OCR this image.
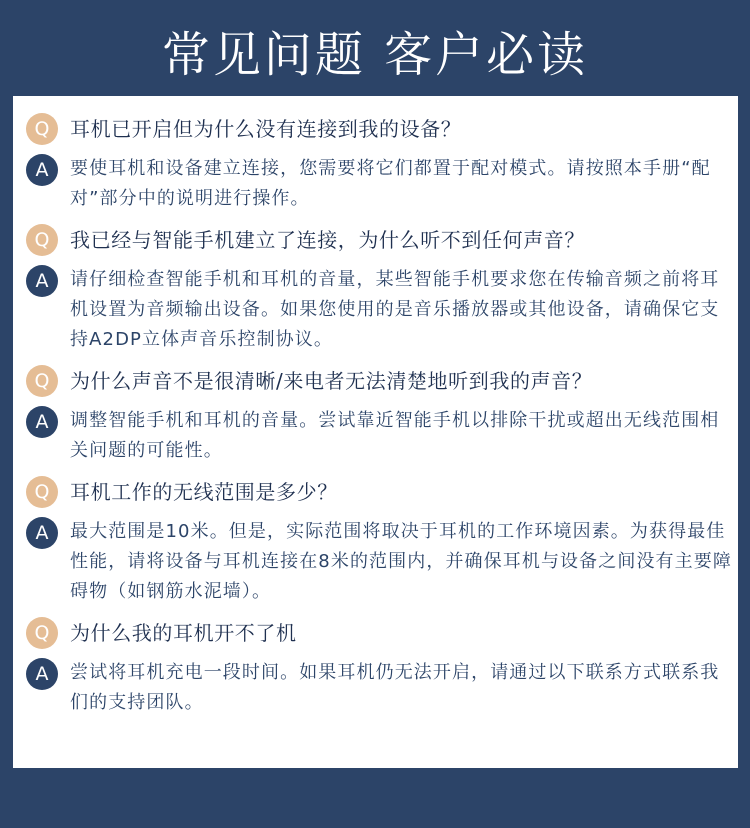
常见问题 客户必读
Q	耳机已开启但为什么没有连接到我的设备？
A	要使耳机和设备建立连接，您需要将它们都置于配对模式。请按照本手册“配对”部分中的说明进行操作。
Q	我已经与智能手机建立了连接，为什么听不到任何声音？
A	请仔细检查智能手机和耳机的音量，某些智能手机要求您在传输音频之前将耳机设置为音频输出设备。如果您使用的是音乐播放器或其他设备，请确保它支持A2DP立体声音乐控制协议。
Q	为什么声音不是很清晰/来电者无法清楚地听到我的声音？
A	调整智能手机和耳机的音量。尝试靠近智能手机以排除干扰或超出无线范围相关问题的可能性。
Q	耳机工作的无线范围是多少？
A	最大范围是10米。但是，实际范围将取决于耳机的工作环境因素。为获得最佳性能，请将设备与耳机连接在8米的范围内，并确保耳机与设备之间没有主要障碍物（如钢筋水泥墙）。
Q	为什么我的耳机开不了机
A	尝试将耳机充电一段时间。如果耳机仍无法开启，请通过以下联系方式联系我们的支持团队。
